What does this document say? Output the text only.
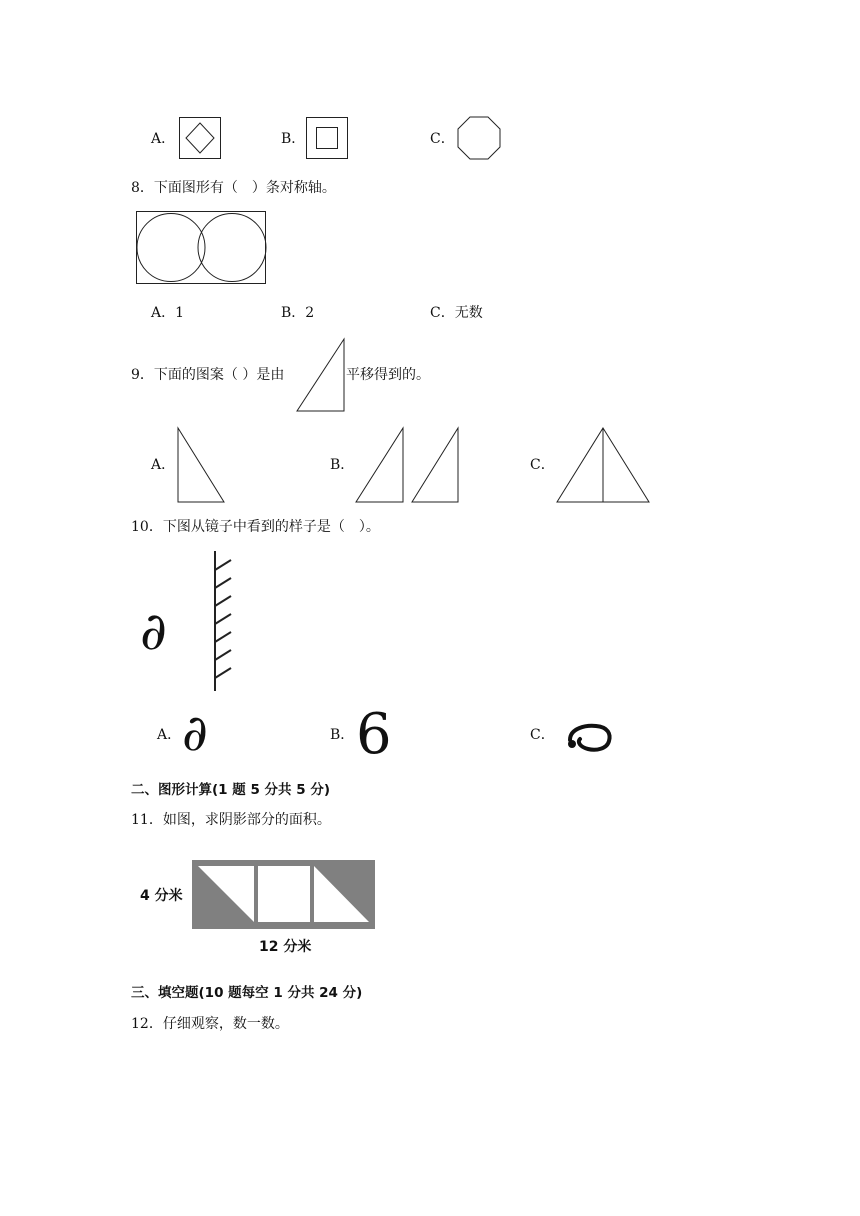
A．	B．	C．
8．下面图形有（　）条对称轴。
A．1	B．2	C．无数
9．下面的图案（ ）是由	平移得到的。
A．	B．	C．
10．下图从镜子中看到的样子是（　）。
∂
A． ∂	B． 6	C．
二、图形计算(1 题 5 分共 5 分)
11．如图，求阴影部分的面积。
4 分米
12 分米
三、填空题(10 题每空 1 分共 24 分)
12．仔细观察，数一数。
